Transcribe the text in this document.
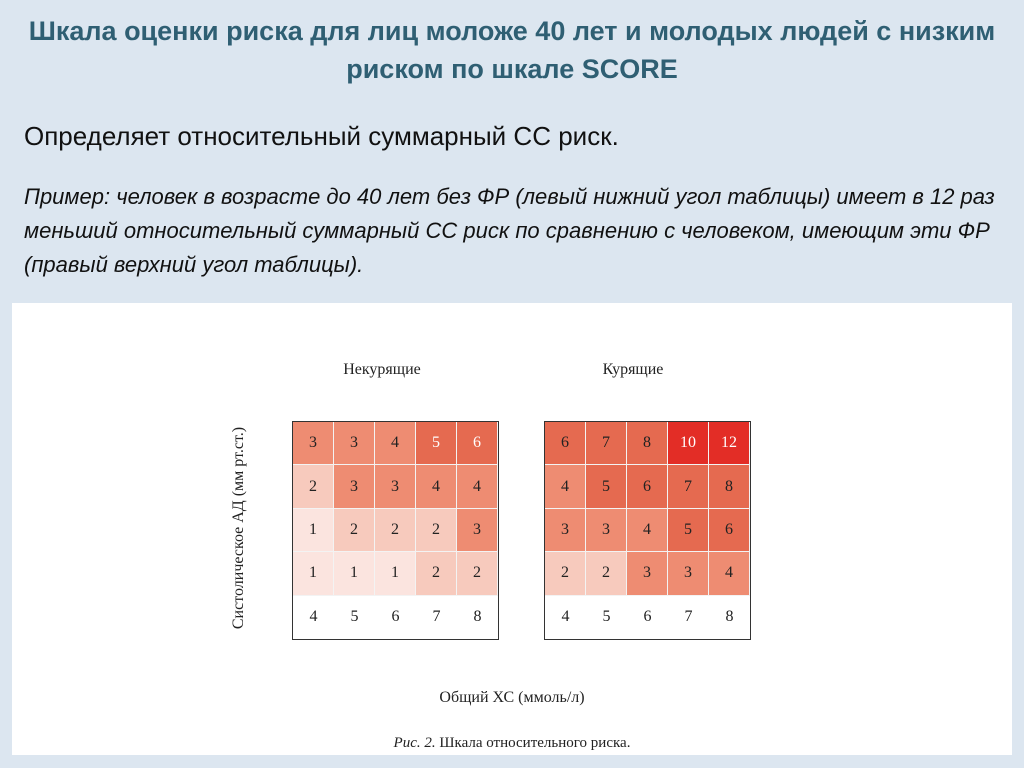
Шкала оценки риска для лиц моложе 40 лет и молодых людей с низким риском по шкале SCORE
Определяет относительный суммарный СС риск.
Пример: человек в возрасте до 40 лет без ФР (левый нижний угол таблицы) имеет в 12 раз меньший относительный суммарный СС риск по сравнению с человеком, имеющим эти ФР (правый верхний угол таблицы).
Некурящие	Курящие
3	3	4	5	6
2	3	3	4	4
1	2	2	2	3
1	1	1	2	2
4	5	6	7	8
6	7	8	10	12
4	5	6	7	8
3	3	4	5	6
2	2	3	3	4
4	5	6	7	8
Систолическое АД (мм рт.ст.)
Общий ХС (ммоль/л)
Рис. 2. Шкала относительного риска.
